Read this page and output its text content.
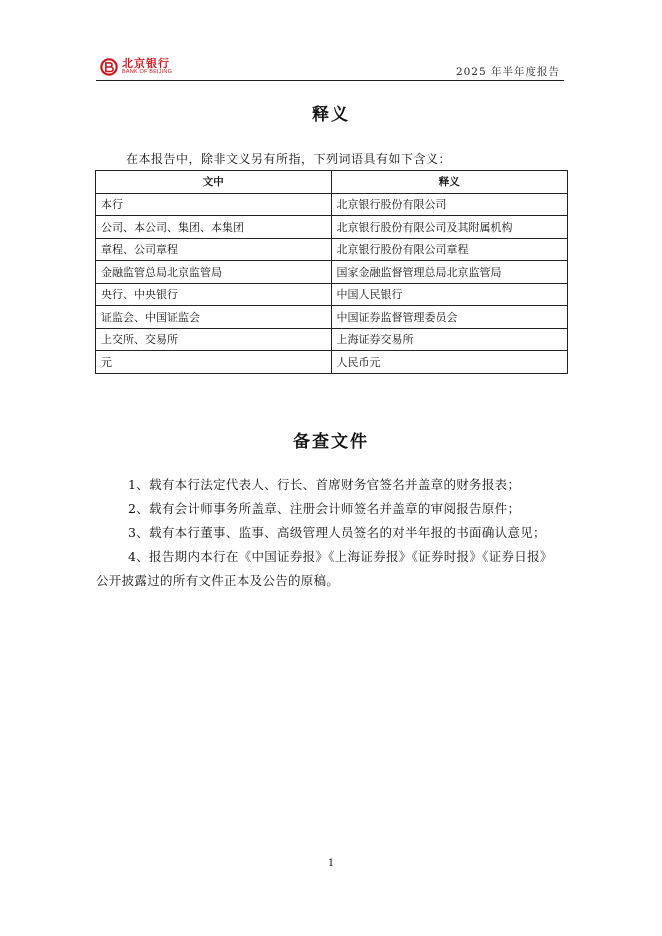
北京银行
BANK OF BEIJING	2025 年半年度报告
释义
在本报告中，除非文义另有所指，下列词语具有如下含义：
文中	释义
本行	北京银行股份有限公司
公司、本公司、集团、本集团	北京银行股份有限公司及其附属机构
章程、公司章程	北京银行股份有限公司章程
金融监管总局北京监管局	国家金融监督管理总局北京监管局
央行、中央银行	中国人民银行
证监会、中国证监会	中国证券监督管理委员会
上交所、交易所	上海证券交易所
元	人民币元
备查文件

1、载有本行法定代表人、行长、首席财务官签名并盖章的财务报表；

2、载有会计师事务所盖章、注册会计师签名并盖章的审阅报告原件；

3、载有本行董事、监事、高级管理人员签名的对半年报的书面确认意见；

4、报告期内本行在《中国证券报》《上海证券报》《证券时报》《证券日报》公开披露过的所有文件正本及公告的原稿。

1
